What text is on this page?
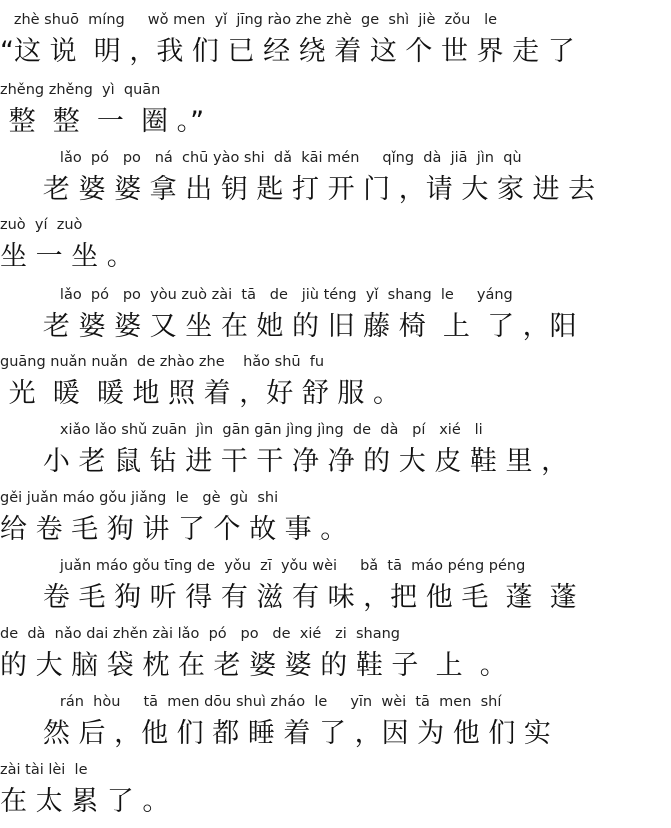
zhè shuō  míng     wǒ men  yǐ  jīng rào zhe zhè  ge  shì  jiè  zǒu   le
“这 说  明 ，我 们 已 经 绕 着 这 个 世 界 走 了
zhěng zhěng  yì  quān
整  整  一  圈 。”
lǎo  pó   po   ná  chū yào shi  dǎ  kāi mén     qǐng  dà  jiā  jìn  qù
老 婆 婆 拿 出 钥 匙 打 开 门 ，请 大 家 进 去
zuò  yí  zuò
坐 一 坐 。
lǎo  pó   po  yòu zuò zài  tā   de   jiù téng  yǐ  shang  le     yáng
老 婆 婆 又 坐 在 她 的 旧 藤 椅  上  了 ，阳
guāng nuǎn nuǎn  de zhào zhe    hǎo shū  fu
光  暖  暖 地 照 着 ，好 舒 服 。
xiǎo lǎo shǔ zuān  jìn  gān gān jìng jìng  de  dà   pí   xié   li
小 老 鼠 钻 进 干 干 净 净 的 大 皮 鞋 里 ，
gěi juǎn máo gǒu jiǎng  le   gè  gù  shi
给 卷 毛 狗 讲 了 个 故 事 。
juǎn máo gǒu tīng de  yǒu  zī  yǒu wèi     bǎ  tā  máo péng péng
卷 毛 狗 听 得 有 滋 有 味 ，把 他 毛  蓬  蓬
de  dà  nǎo dai zhěn zài lǎo  pó   po   de  xié   zi  shang
的 大 脑 袋 枕 在 老 婆 婆 的 鞋 子  上  。
rán  hòu     tā  men dōu shuì zháo  le     yīn  wèi  tā  men  shí
然 后 ，他 们 都 睡 着 了 ，因 为 他 们 实
zài tài lèi  le
在 太 累 了 。
